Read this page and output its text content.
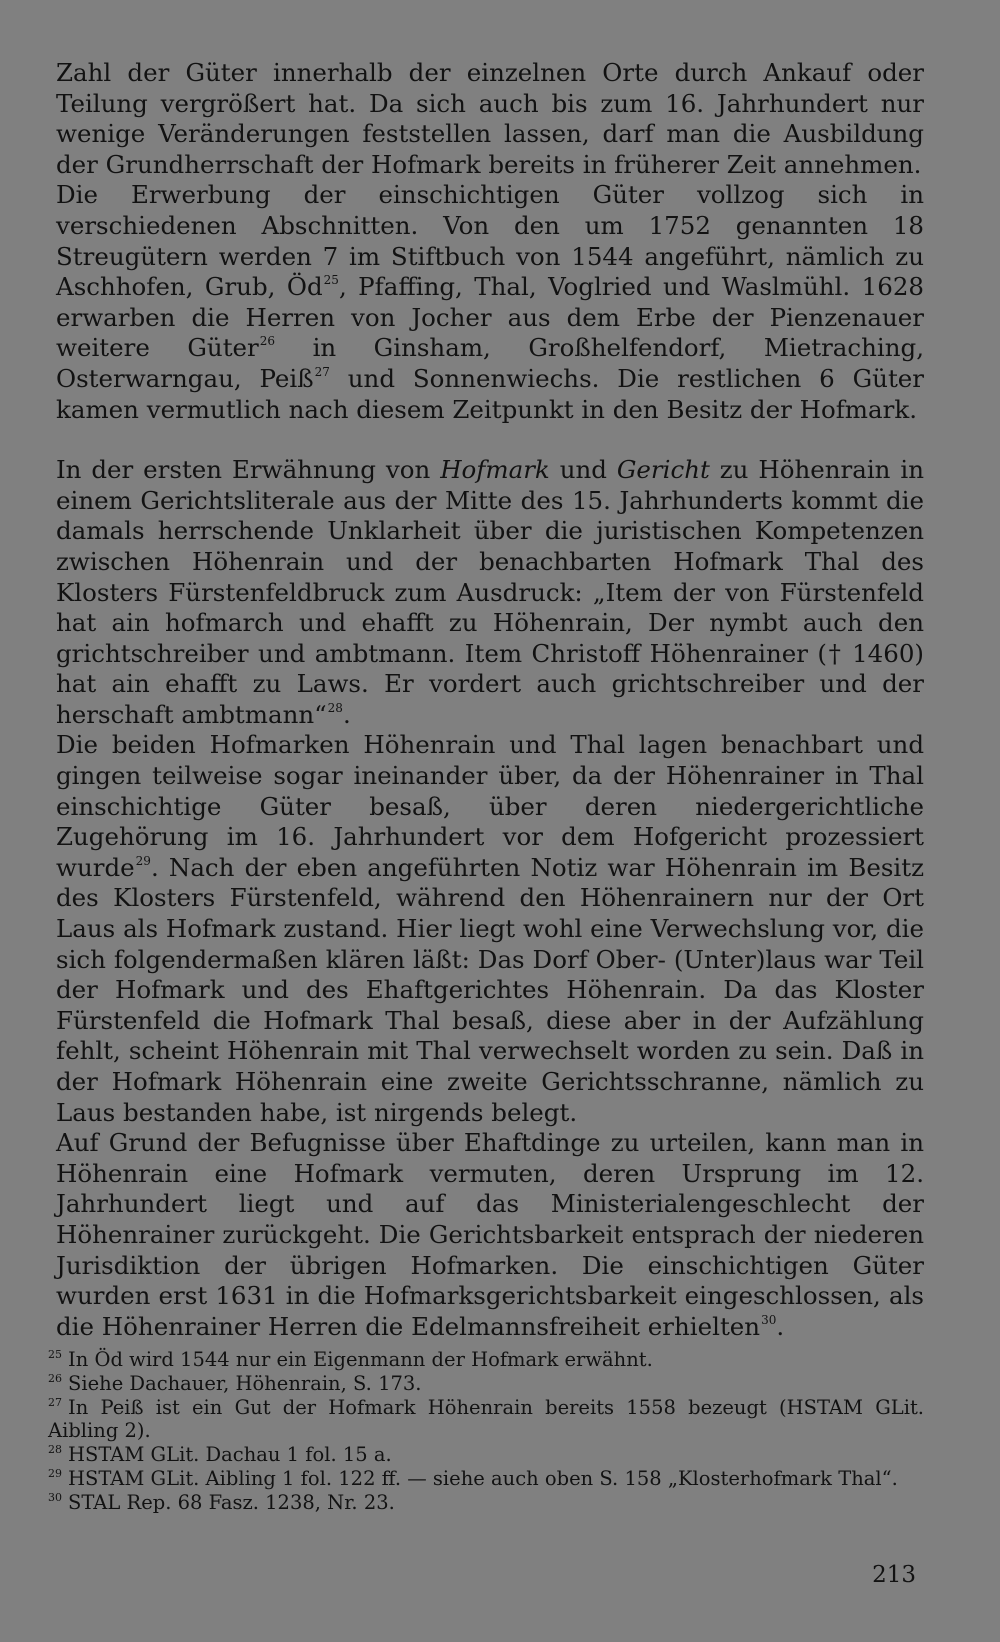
Zahl der Güter innerhalb der einzelnen Orte durch Ankauf oder Teilung vergrößert hat. Da sich auch bis zum 16. Jahrhundert nur wenige Veränderungen feststellen lassen, darf man die Ausbildung der Grundherrschaft der Hofmark bereits in früherer Zeit annehmen.

Die Erwerbung der einschichtigen Güter vollzog sich in verschiedenen Abschnitten. Von den um 1752 genannten 18 Streugütern werden 7 im Stiftbuch von 1544 angeführt, nämlich zu Aschhofen, Grub, $Öd^{25}$, Pfaffing, Thal, Voglried und Waslmühl. 1628 erwarben die Herren von Jocher aus dem Erbe der Pienzenauer weitere Güter$^{26}$ in Ginsham, Großhelfendorf, Mietraching, Osterwarngau, Peiß$^{27}$ und Sonnenwiechs. Die restlichen 6 Güter kamen vermutlich nach diesem Zeitpunkt in den Besitz der Hofmark.

In der ersten Erwähnung von Hofmark und Gericht zu Höhenrain in einem Gerichtsliterale aus der Mitte des 15. Jahrhunderts kommt die damals herrschende Unklarheit über die juristischen Kompetenzen zwischen Höhenrain und der benachbarten Hofmark Thal des Klosters Fürstenfeldbruck zum Ausdruck: „Item der von Fürstenfeld hat ain hofmarch und ehafft zu Höhenrain, Der nymbt auch den grichtschreiber und ambtmann. Item Christoff Höhenrainer († 1460) hat ain ehafft zu Laws. Er vordert auch grichtschreiber und der herschaft ambtmann“$^{28}$.

Die beiden Hofmarken Höhenrain und Thal lagen benachbart und gingen teilweise sogar ineinander über, da der Höhenrainer in Thal einschichtige Güter besaß, über deren niedergerichtliche Zugehörung im 16. Jahrhundert vor dem Hofgericht prozessiert wurde$^{29}$. Nach der eben angeführten Notiz war Höhenrain im Besitz des Klosters Fürstenfeld, während den Höhenrainern nur der Ort Laus als Hofmark zustand. Hier liegt wohl eine Verwechslung vor, die sich folgendermaßen klären läßt: Das Dorf Ober- (Unter)laus war Teil der Hofmark und des Ehaftgerichtes Höhenrain. Da das Kloster Fürstenfeld die Hofmark Thal besaß, diese aber in der Aufzählung fehlt, scheint Höhenrain mit Thal verwechselt worden zu sein. Daß in der Hofmark Höhenrain eine zweite Gerichtsschranne, nämlich zu Laus bestanden habe, ist nirgends belegt.

Auf Grund der Befugnisse über Ehaftdinge zu urteilen, kann man in Höhenrain eine Hofmark vermuten, deren Ursprung im 12. Jahrhundert liegt und auf das Ministerialengeschlecht der Höhenrainer zurückgeht. Die Gerichtsbarkeit entsprach der niederen Jurisdiktion der übrigen Hofmarken. Die einschichtigen Güter wurden erst 1631 in die Hofmarksgerichtsbarkeit eingeschlossen, als die Höhenrainer Herren die Edelmannsfreiheit erhielten$^{30}$.

$^{25}$ In Öd wird 1544 nur ein Eigenmann der Hofmark erwähnt.
$^{26}$ Siehe Dachauer, Höhenrain, S. 173.
$^{27}$ In Peiß ist ein Gut der Hofmark Höhenrain bereits 1558 bezeugt (HSTAM GLit. Aibling 2).
$^{28}$ HSTAM GLit. Dachau 1 fol. 15 a.
$^{29}$ HSTAM GLit. Aibling 1 fol. 122 ff. — siehe auch oben S. 158 „Klosterhofmark Thal“.
$^{30}$ STAL Rep. 68 Fasz. 1238, Nr. 23.
213
